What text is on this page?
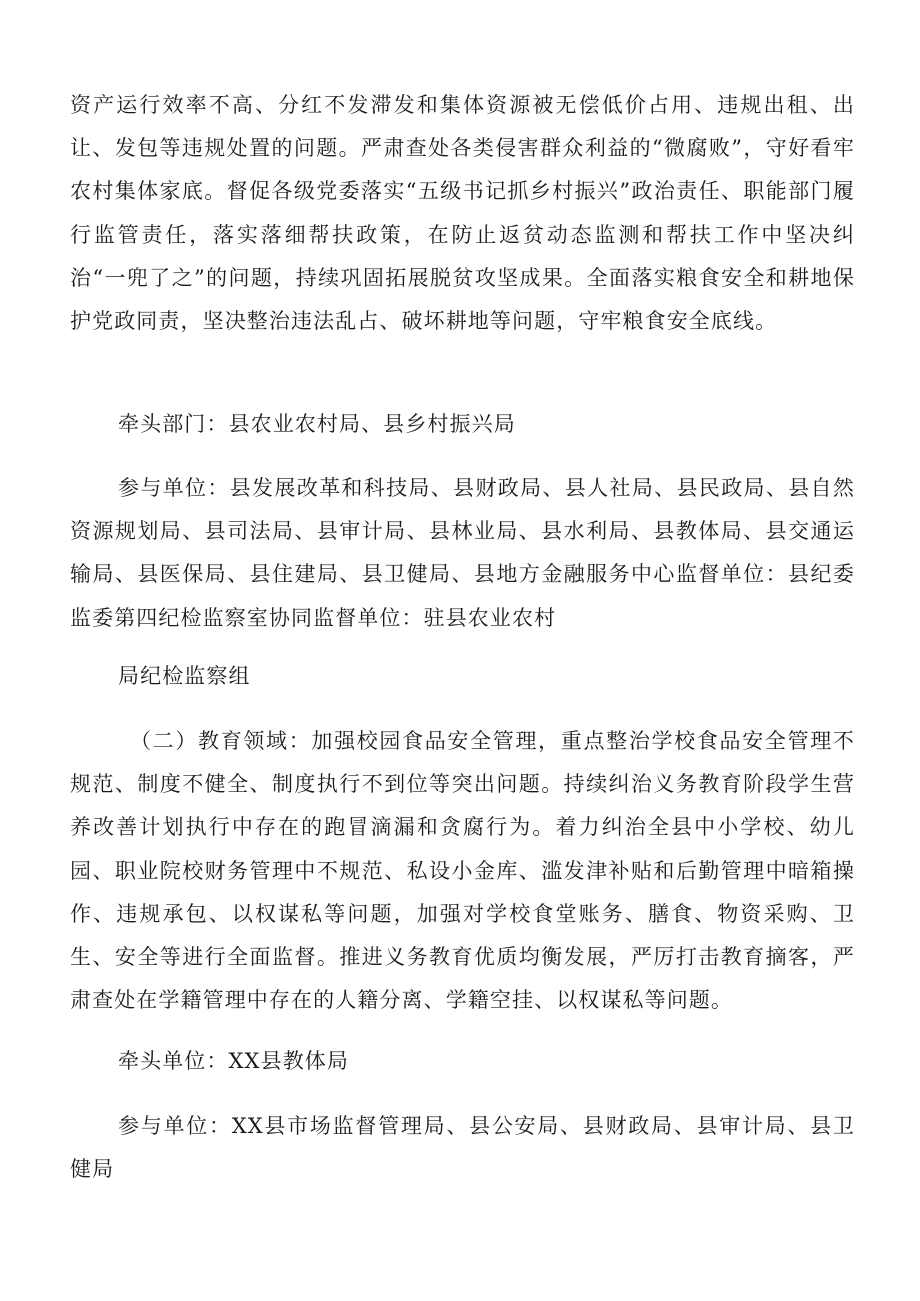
资产运行效率不高、分红不发滞发和集体资源被无偿低价占用、违规出租、出让、发包等违规处置的问题。严肃查处各类侵害群众利益的“微腐败”，守好看牢农村集体家底。督促各级党委落实“五级书记抓乡村振兴”政治责任、职能部门履行监管责任，落实落细帮扶政策，在防止返贫动态监测和帮扶工作中坚决纠治“一兜了之”的问题，持续巩固拓展脱贫攻坚成果。全面落实粮食安全和耕地保护党政同责，坚决整治违法乱占、破坏耕地等问题，守牢粮食安全底线。

牵头部门：县农业农村局、县乡村振兴局

参与单位：县发展改革和科技局、县财政局、县人社局、县民政局、县自然资源规划局、县司法局、县审计局、县林业局、县水利局、县教体局、县交通运输局、县医保局、县住建局、县卫健局、县地方金融服务中心监督单位：县纪委监委第四纪检监察室协同监督单位：驻县农业农村

局纪检监察组

（二）教育领域：加强校园食品安全管理，重点整治学校食品安全管理不规范、制度不健全、制度执行不到位等突出问题。持续纠治义务教育阶段学生营养改善计划执行中存在的跑冒滴漏和贪腐行为。着力纠治全县中小学校、幼儿园、职业院校财务管理中不规范、私设小金库、滥发津补贴和后勤管理中暗箱操作、违规承包、以权谋私等问题，加强对学校食堂账务、膳食、物资采购、卫生、安全等进行全面监督。推进义务教育优质均衡发展，严厉打击教育摘客，严肃查处在学籍管理中存在的人籍分离、学籍空挂、以权谋私等问题。

牵头单位：XX县教体局

参与单位：XX县市场监督管理局、县公安局、县财政局、县审计局、县卫健局
